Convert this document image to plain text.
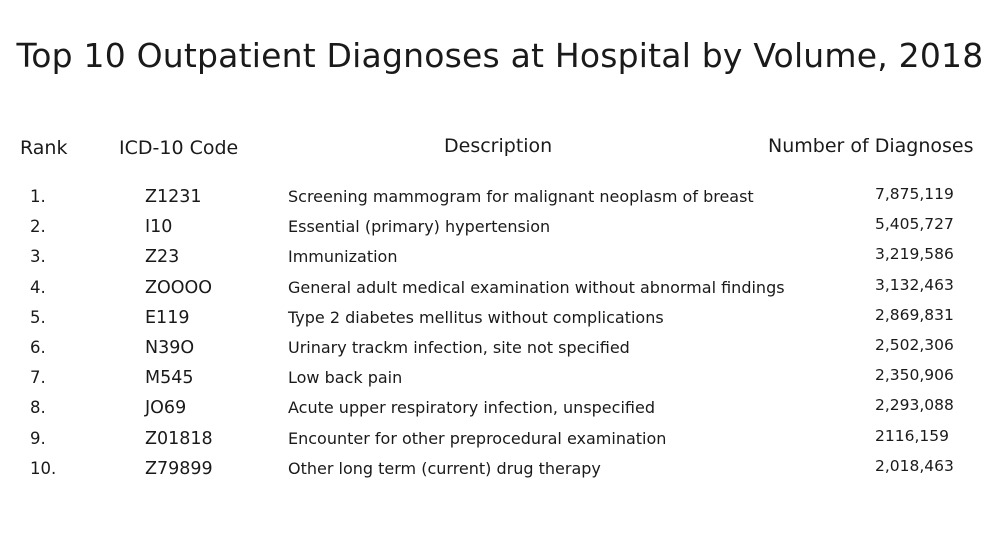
Top 10 Outpatient Diagnoses at Hospital by Volume, 2018
Rank	ICD-10 Code	Description	Number of Diagnoses
1.	Z1231	Screening mammogram for malignant neoplasm of breast	7,875,119
2.	I10	Essential (primary) hypertension	5,405,727
3.	Z23	Immunization	3,219,586
4.	ZOOOO	General adult medical examination without abnormal findings	3,132,463
5.	E119	Type 2 diabetes mellitus without complications	2,869,831
6.	N39O	Urinary trackm infection, site not specified	2,502,306
7.	M545	Low back pain	2,350,906
8.	JO69	Acute upper respiratory infection, unspecified	2,293,088
9.	Z01818	Encounter for other preprocedural examination	2116,159
10.	Z79899	Other long term (current) drug therapy	2,018,463
